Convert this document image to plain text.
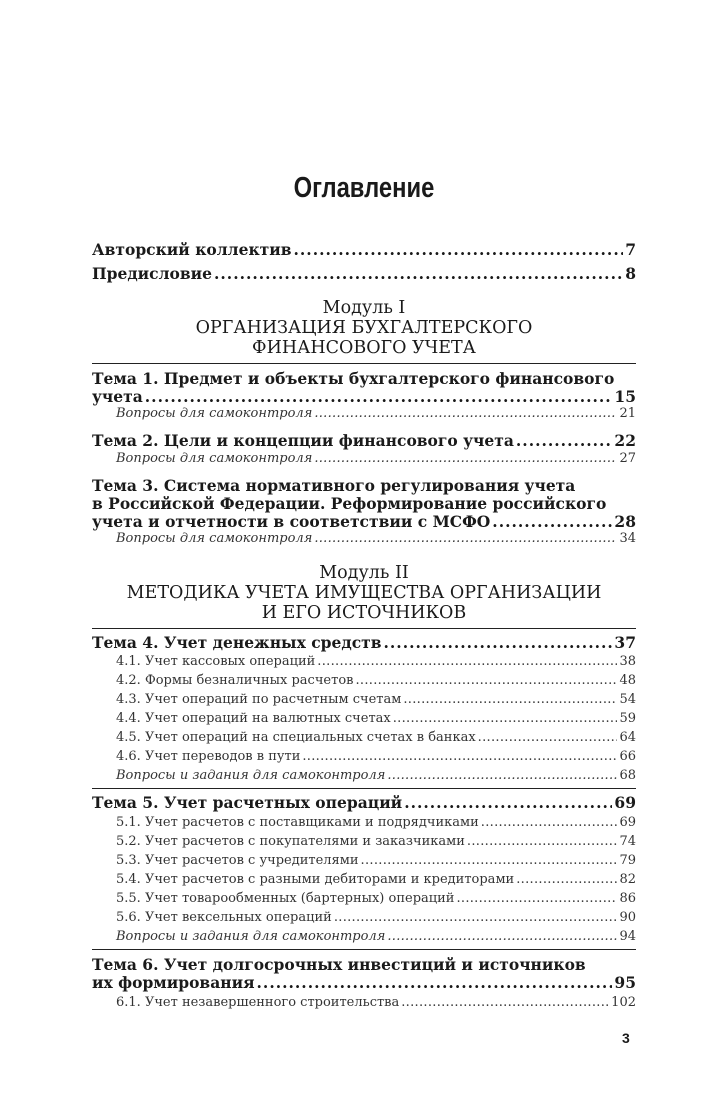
Оглавление
Авторский коллектив .....	7
Предисловие .....	8
Модуль I
ОРГАНИЗАЦИЯ БУХГАЛТЕРСКОГО
ФИНАНСОВОГО УЧЕТА
Тема 1. Предмет и объекты бухгалтерского финансового
учета .....	15
Вопросы для самоконтроля .....	21
Тема 2. Цели и концепции финансового учета .....	22
Вопросы для самоконтроля .....	27
Тема 3. Система нормативного регулирования учета
в Российской Федерации. Реформирование российского
учета и отчетности в соответствии с МСФО .....	28
Вопросы для самоконтроля .....	34
Модуль II
МЕТОДИКА УЧЕТА ИМУЩЕСТВА ОРГАНИЗАЦИИ
И ЕГО ИСТОЧНИКОВ
Тема 4. Учет денежных средств .....	37
4.1. Учет кассовых операций .....	38
4.2. Формы безналичных расчетов .....	48
4.3. Учет операций по расчетным счетам .....	54
4.4. Учет операций на валютных счетах .....	59
4.5. Учет операций на специальных счетах в банках .....	64
4.6. Учет переводов в пути .....	66
Вопросы и задания для самоконтроля .....	68
Тема 5. Учет расчетных операций .....	69
5.1. Учет расчетов с поставщиками и подрядчиками .....	69
5.2. Учет расчетов с покупателями и заказчиками .....	74
5.3. Учет расчетов с учредителями .....	79
5.4. Учет расчетов с разными дебиторами и кредиторами .....	82
5.5. Учет товарообменных (бартерных) операций .....	86
5.6. Учет вексельных операций .....	90
Вопросы и задания для самоконтроля .....	94
Тема 6. Учет долгосрочных инвестиций и источников
их формирования .....	95
6.1. Учет незавершенного строительства .....	102
3
